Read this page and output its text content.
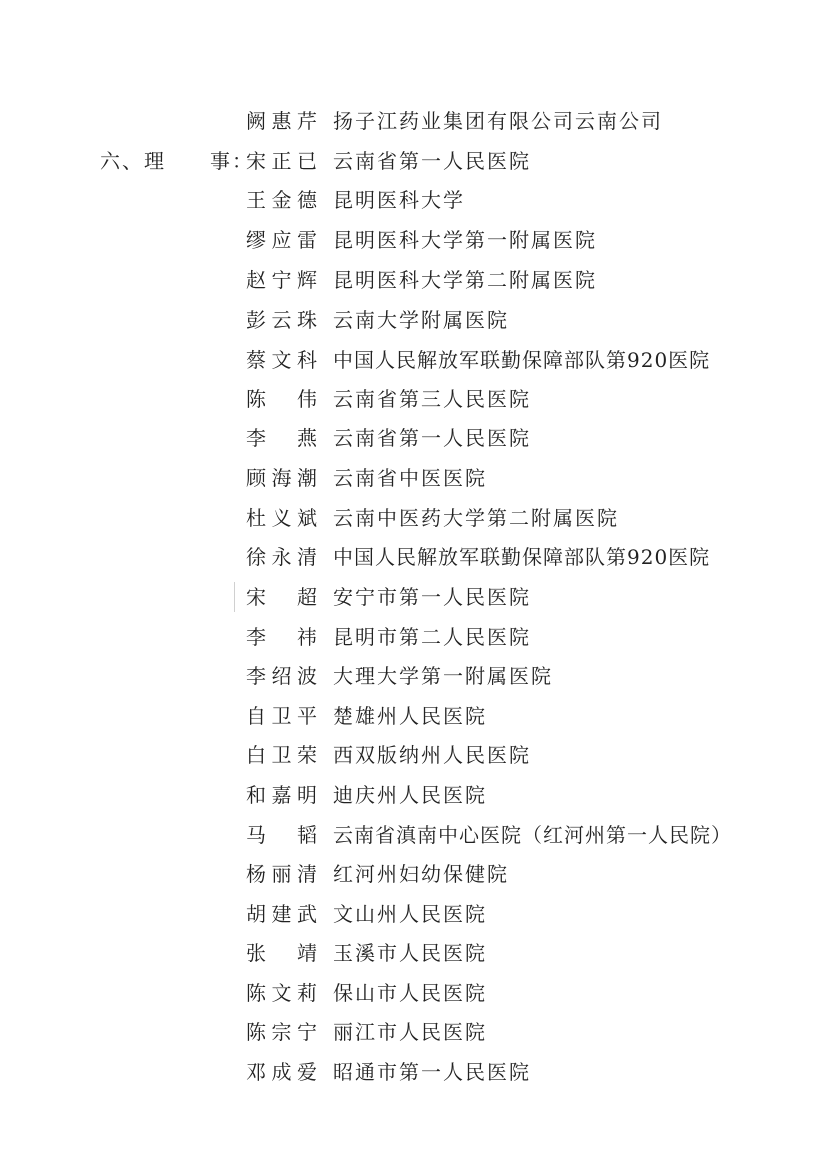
阙惠芹 扬子江药业集团有限公司云南公司
六、理　　事：
宋正已 云南省第一人民医院
王金德 昆明医科大学
缪应雷 昆明医科大学第一附属医院
赵宁辉 昆明医科大学第二附属医院
彭云珠 云南大学附属医院
蔡文科 中国人民解放军联勤保障部队第920医院
陈伟 云南省第三人民医院
李燕 云南省第一人民医院
顾海潮 云南省中医医院
杜义斌 云南中医药大学第二附属医院
徐永清 中国人民解放军联勤保障部队第920医院
宋超 安宁市第一人民医院
李祎 昆明市第二人民医院
李绍波 大理大学第一附属医院
自卫平 楚雄州人民医院
白卫荣 西双版纳州人民医院
和嘉明 迪庆州人民医院
马韬 云南省滇南中心医院（红河州第一人民院）
杨丽清 红河州妇幼保健院
胡建武 文山州人民医院
张靖 玉溪市人民医院
陈文莉 保山市人民医院
陈宗宁 丽江市人民医院
邓成爱 昭通市第一人民医院
